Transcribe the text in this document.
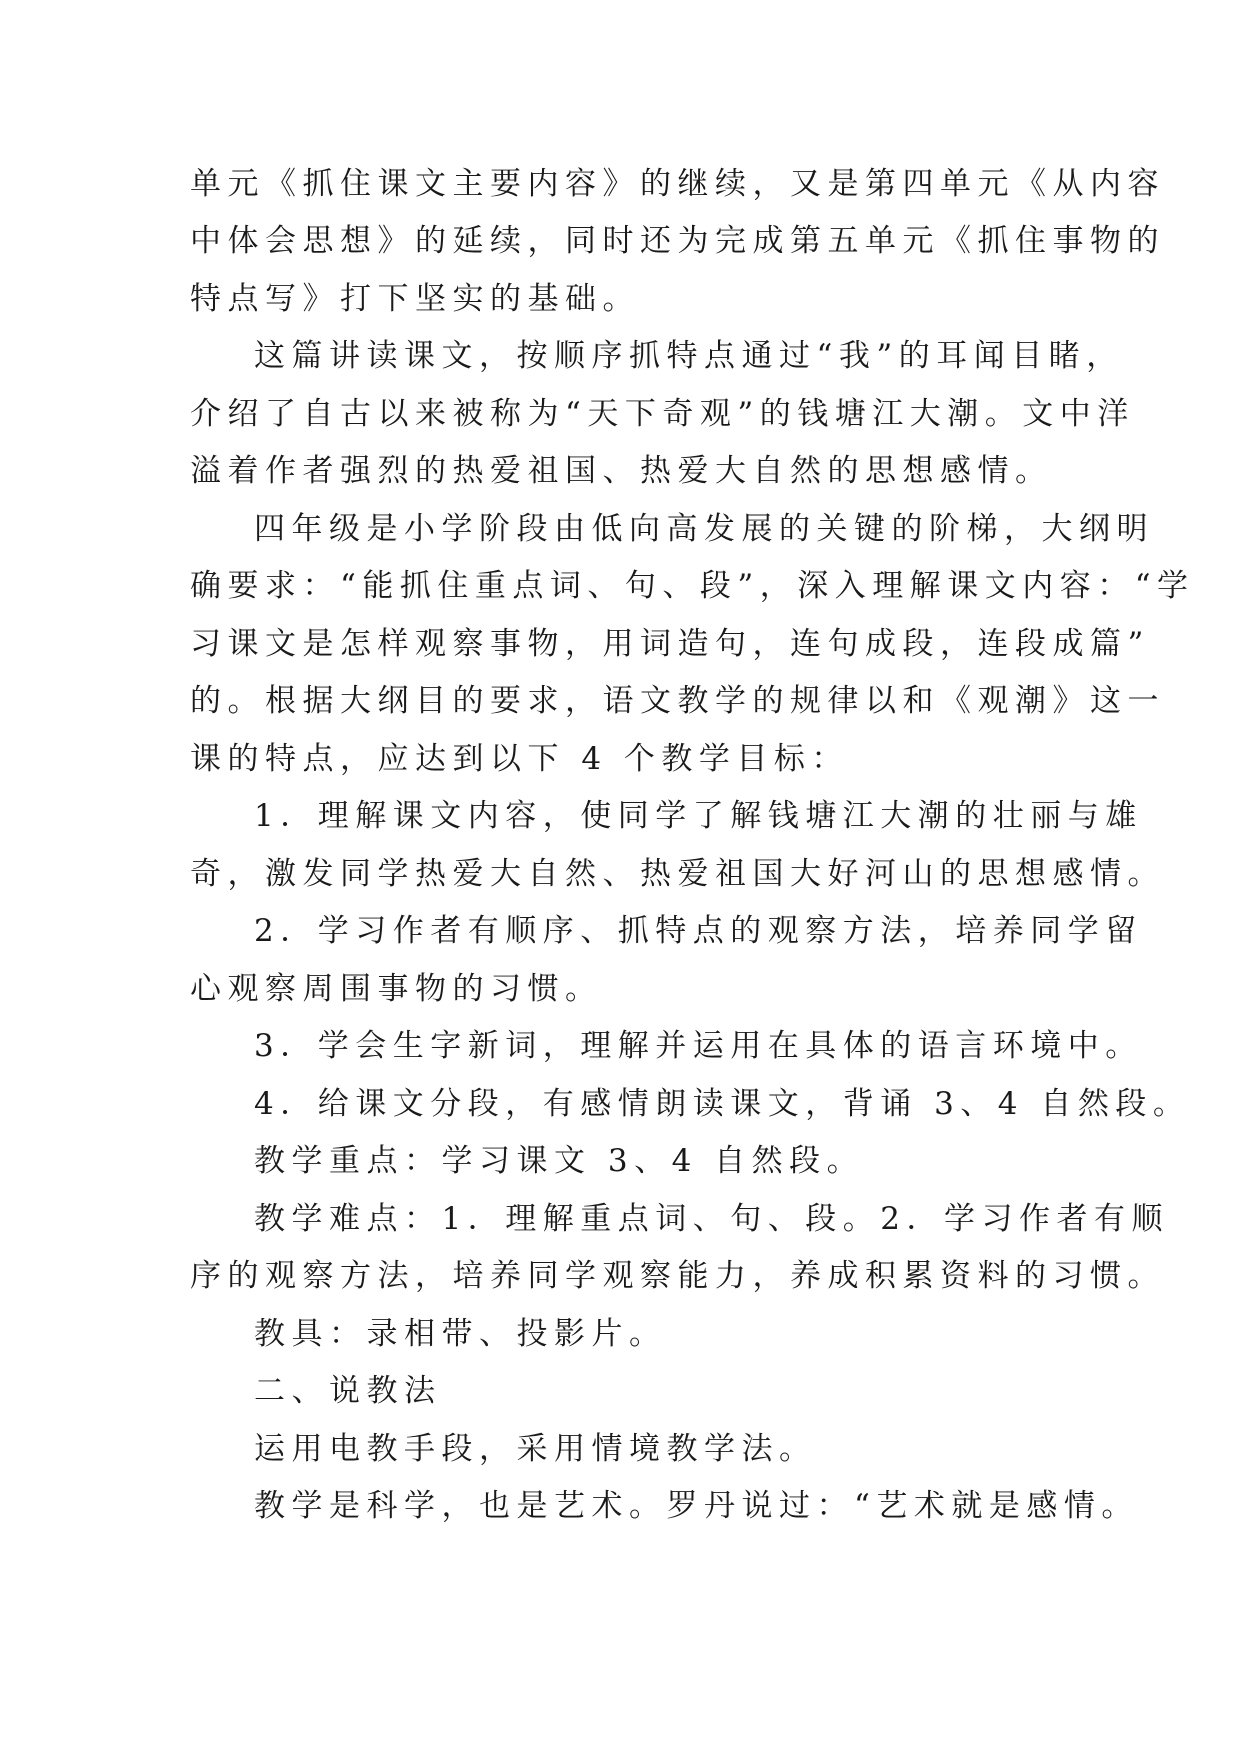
单元《抓住课文主要内容》的继续，又是第四单元《从内容
中体会思想》的延续，同时还为完成第五单元《抓住事物的
特点写》打下坚实的基础。
这篇讲读课文，按顺序抓特点通过“我”的耳闻目睹，
介绍了自古以来被称为“天下奇观”的钱塘江大潮。文中洋
溢着作者强烈的热爱祖国、热爱大自然的思想感情。
四年级是小学阶段由低向高发展的关键的阶梯，大纲明
确要求：“能抓住重点词、句、段”，深入理解课文内容：“学
习课文是怎样观察事物，用词造句，连句成段，连段成篇”
的。根据大纲目的要求，语文教学的规律以和《观潮》这一
课的特点，应达到以下 4 个教学目标：
1．理解课文内容，使同学了解钱塘江大潮的壮丽与雄
奇，激发同学热爱大自然、热爱祖国大好河山的思想感情。
2．学习作者有顺序、抓特点的观察方法，培养同学留
心观察周围事物的习惯。
3．学会生字新词，理解并运用在具体的语言环境中。
4．给课文分段，有感情朗读课文，背诵 3、4 自然段。
教学重点：学习课文 3、4 自然段。
教学难点：1．理解重点词、句、段。2．学习作者有顺
序的观察方法，培养同学观察能力，养成积累资料的习惯。
教具：录相带、投影片。
二、说教法
运用电教手段，采用情境教学法。
教学是科学，也是艺术。罗丹说过：“艺术就是感情。
